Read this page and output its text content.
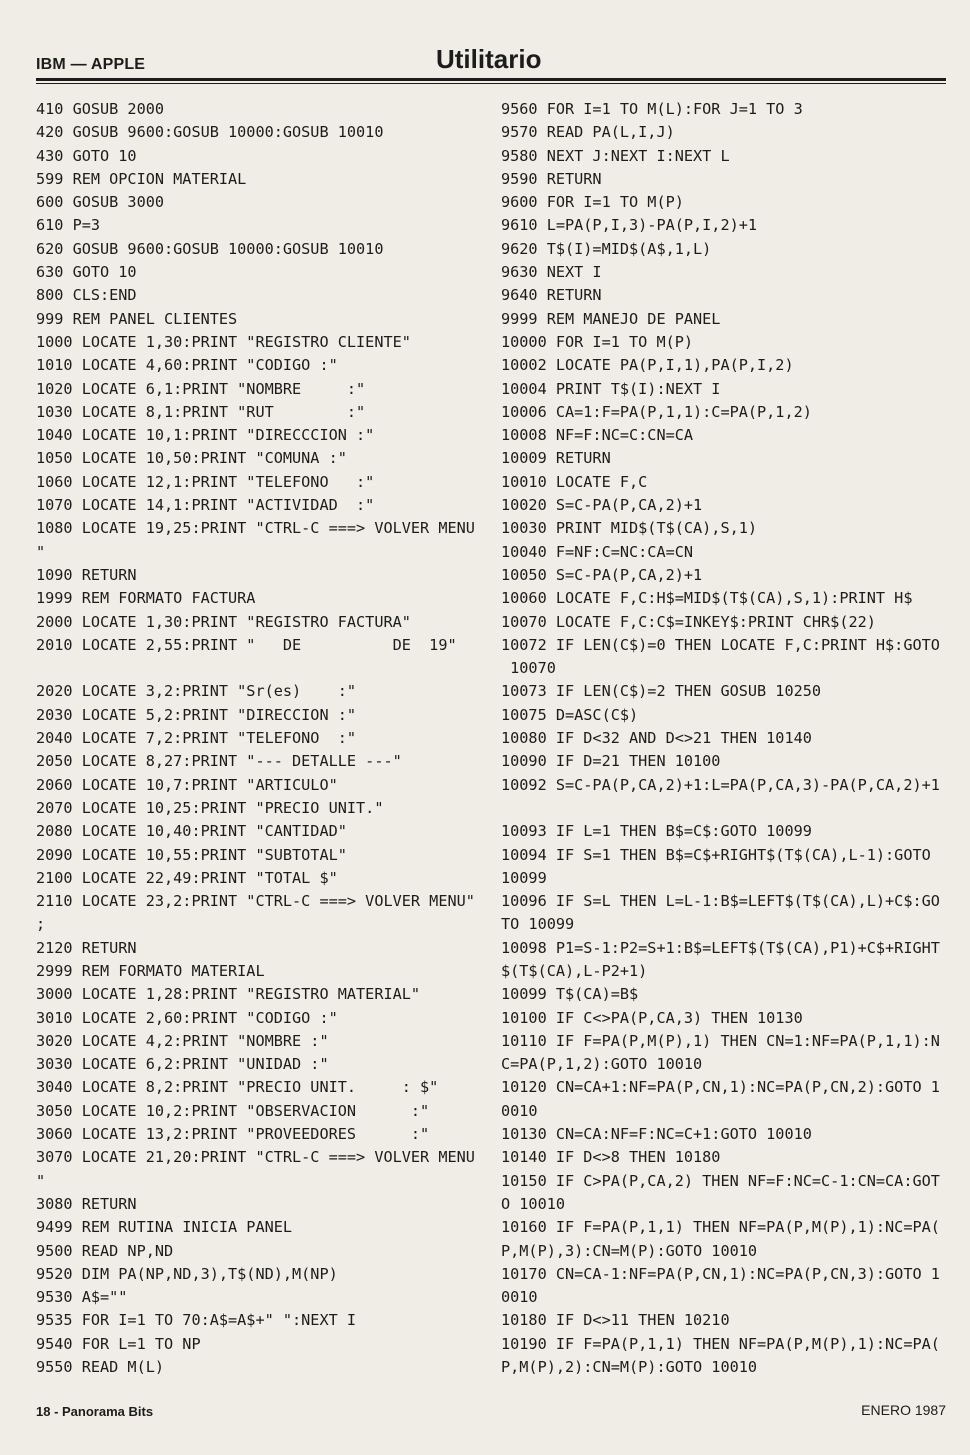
IBM — APPLE	Utilitario
410 GOSUB 2000
420 GOSUB 9600:GOSUB 10000:GOSUB 10010
430 GOTO 10
599 REM OPCION MATERIAL
600 GOSUB 3000
610 P=3
620 GOSUB 9600:GOSUB 10000:GOSUB 10010
630 GOTO 10
800 CLS:END
999 REM PANEL CLIENTES
1000 LOCATE 1,30:PRINT "REGISTRO CLIENTE"
1010 LOCATE 4,60:PRINT "CODIGO :"
1020 LOCATE 6,1:PRINT "NOMBRE     :"
1030 LOCATE 8,1:PRINT "RUT        :"
1040 LOCATE 10,1:PRINT "DIRECCCION :"
1050 LOCATE 10,50:PRINT "COMUNA :"
1060 LOCATE 12,1:PRINT "TELEFONO   :"
1070 LOCATE 14,1:PRINT "ACTIVIDAD  :"
1080 LOCATE 19,25:PRINT "CTRL-C ===> VOLVER MENU
"
1090 RETURN
1999 REM FORMATO FACTURA
2000 LOCATE 1,30:PRINT "REGISTRO FACTURA"
2010 LOCATE 2,55:PRINT "   DE          DE  19"
2020 LOCATE 3,2:PRINT "Sr(es)    :"
2030 LOCATE 5,2:PRINT "DIRECCION :"
2040 LOCATE 7,2:PRINT "TELEFONO  :"
2050 LOCATE 8,27:PRINT "--- DETALLE ---"
2060 LOCATE 10,7:PRINT "ARTICULO"
2070 LOCATE 10,25:PRINT "PRECIO UNIT."
2080 LOCATE 10,40:PRINT "CANTIDAD"
2090 LOCATE 10,55:PRINT "SUBTOTAL"
2100 LOCATE 22,49:PRINT "TOTAL $"
2110 LOCATE 23,2:PRINT "CTRL-C ===> VOLVER MENU"
;
2120 RETURN
2999 REM FORMATO MATERIAL
3000 LOCATE 1,28:PRINT "REGISTRO MATERIAL"
3010 LOCATE 2,60:PRINT "CODIGO :"
3020 LOCATE 4,2:PRINT "NOMBRE :"
3030 LOCATE 6,2:PRINT "UNIDAD :"
3040 LOCATE 8,2:PRINT "PRECIO UNIT.     : $"
3050 LOCATE 10,2:PRINT "OBSERVACION      :"
3060 LOCATE 13,2:PRINT "PROVEEDORES      :"
3070 LOCATE 21,20:PRINT "CTRL-C ===> VOLVER MENU
"
3080 RETURN
9499 REM RUTINA INICIA PANEL
9500 READ NP,ND
9520 DIM PA(NP,ND,3),T$(ND),M(NP)
9530 A$=""
9535 FOR I=1 TO 70:A$=A$+" ":NEXT I
9540 FOR L=1 TO NP
9550 READ M(L)
9560 FOR I=1 TO M(L):FOR J=1 TO 3
9570 READ PA(L,I,J)
9580 NEXT J:NEXT I:NEXT L
9590 RETURN
9600 FOR I=1 TO M(P)
9610 L=PA(P,I,3)-PA(P,I,2)+1
9620 T$(I)=MID$(A$,1,L)
9630 NEXT I
9640 RETURN
9999 REM MANEJO DE PANEL
10000 FOR I=1 TO M(P)
10002 LOCATE PA(P,I,1),PA(P,I,2)
10004 PRINT T$(I):NEXT I
10006 CA=1:F=PA(P,1,1):C=PA(P,1,2)
10008 NF=F:NC=C:CN=CA
10009 RETURN
10010 LOCATE F,C
10020 S=C-PA(P,CA,2)+1
10030 PRINT MID$(T$(CA),S,1)
10040 F=NF:C=NC:CA=CN
10050 S=C-PA(P,CA,2)+1
10060 LOCATE F,C:H$=MID$(T$(CA),S,1):PRINT H$
10070 LOCATE F,C:C$=INKEY$:PRINT CHR$(22)
10072 IF LEN(C$)=0 THEN LOCATE F,C:PRINT H$:GOTO
10070
10073 IF LEN(C$)=2 THEN GOSUB 10250
10075 D=ASC(C$)
10080 IF D<32 AND D<>21 THEN 10140
10090 IF D=21 THEN 10100
10092 S=C-PA(P,CA,2)+1:L=PA(P,CA,3)-PA(P,CA,2)+1
10093 IF L=1 THEN B$=C$:GOTO 10099
10094 IF S=1 THEN B$=C$+RIGHT$(T$(CA),L-1):GOTO
10099
10096 IF S=L THEN L=L-1:B$=LEFT$(T$(CA),L)+C$:GO
TO 10099
10098 P1=S-1:P2=S+1:B$=LEFT$(T$(CA),P1)+C$+RIGHT
$(T$(CA),L-P2+1)
10099 T$(CA)=B$
10100 IF C<>PA(P,CA,3) THEN 10130
10110 IF F=PA(P,M(P),1) THEN CN=1:NF=PA(P,1,1):N
C=PA(P,1,2):GOTO 10010
10120 CN=CA+1:NF=PA(P,CN,1):NC=PA(P,CN,2):GOTO 1
0010
10130 CN=CA:NF=F:NC=C+1:GOTO 10010
10140 IF D<>8 THEN 10180
10150 IF C>PA(P,CA,2) THEN NF=F:NC=C-1:CN=CA:GOT
O 10010
10160 IF F=PA(P,1,1) THEN NF=PA(P,M(P),1):NC=PA(
P,M(P),3):CN=M(P):GOTO 10010
10170 CN=CA-1:NF=PA(P,CN,1):NC=PA(P,CN,3):GOTO 1
0010
10180 IF D<>11 THEN 10210
10190 IF F=PA(P,1,1) THEN NF=PA(P,M(P),1):NC=PA(
P,M(P),2):CN=M(P):GOTO 10010
18 - Panorama Bits	ENERO 1987
